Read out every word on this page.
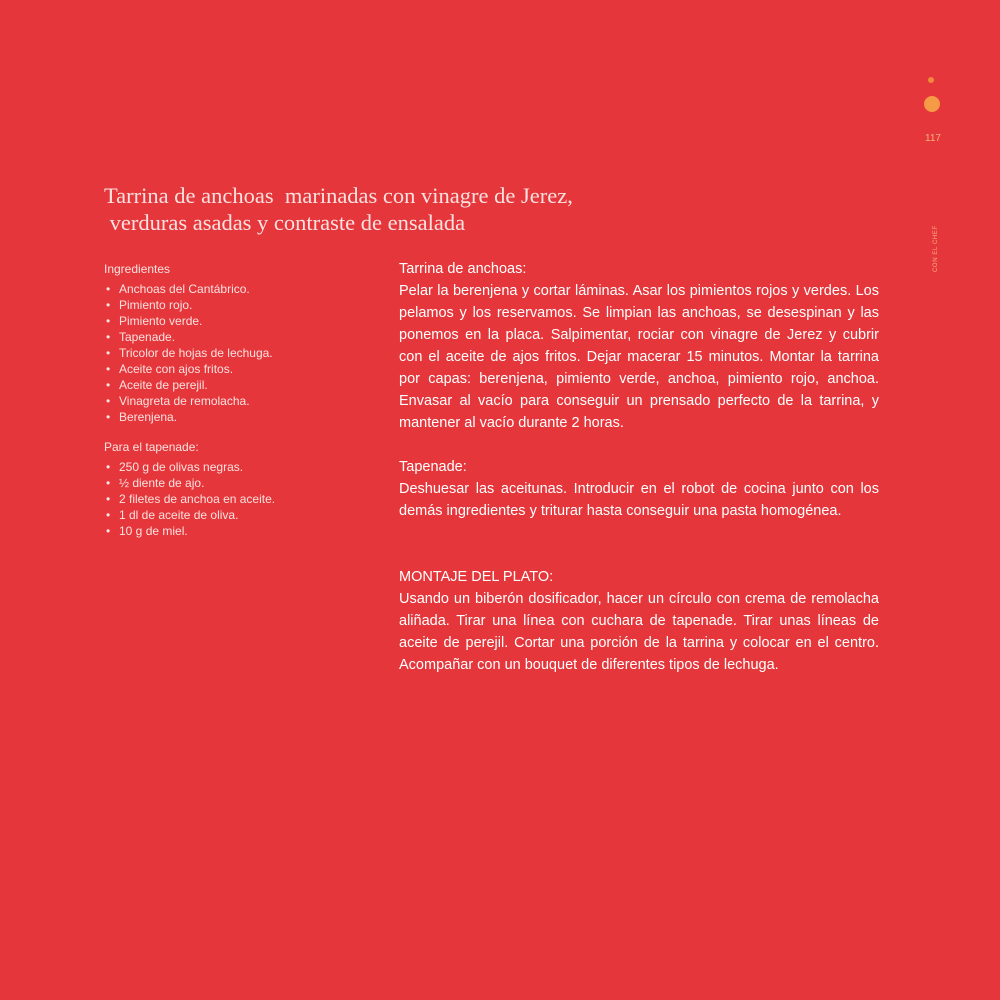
117
CON EL CHEF
Tarrina de anchoas  marinadas con vinagre de Jerez,
verduras asadas y contraste de ensalada
Ingredientes
• Anchoas del Cantábrico.
• Pimiento rojo.
• Pimiento verde.
• Tapenade.
• Tricolor de hojas de lechuga.
• Aceite con ajos fritos.
• Aceite de perejil.
• Vinagreta de remolacha.
• Berenjena.
Para el tapenade:
• 250 g de olivas negras.
• ½ diente de ajo.
• 2 filetes de anchoa en aceite.
• 1 dl de aceite de oliva.
• 10 g de miel.
Tarrina de anchoas:

Pelar la berenjena y cortar láminas. Asar los pimientos rojos y verdes. Los pelamos y los reservamos. Se limpian las anchoas, se desespinan y las ponemos en la placa. Salpimentar, rociar con vinagre de Jerez y cubrir con el aceite de ajos fritos. Dejar macerar 15 minutos. Montar la tarrina por capas: berenjena, pimiento verde, anchoa, pimiento rojo, anchoa. Envasar al vacío para conseguir un prensado perfecto de la tarrina, y mantener al vacío durante 2 horas.

Tapenade:

Deshuesar las aceitunas. Introducir en el robot de cocina junto con los demás ingredientes y triturar hasta conseguir una pasta homogénea.

MONTAJE DEL PLATO:

Usando un biberón dosificador, hacer un círculo con crema de remolacha aliñada. Tirar una línea con cuchara de tapenade. Tirar unas líneas de aceite de perejil. Cortar una porción de la tarrina y colocar en el centro. Acompañar con un bouquet de diferentes tipos de lechuga.
